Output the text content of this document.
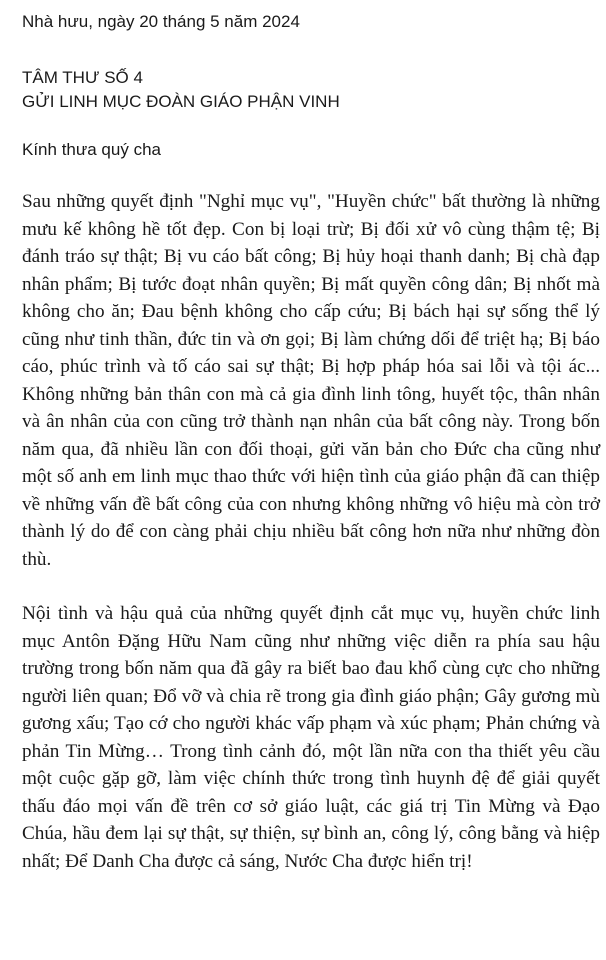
Nhà hưu, ngày 20 tháng 5 năm 2024

TÂM THƯ SỐ 4
GỬI LINH MỤC ĐOÀN GIÁO PHẬN VINH

Kính thưa quý cha

Sau những quyết định "Nghỉ mục vụ", "Huyền chức" bất thường là những mưu kế không hề tốt đẹp. Con bị loại trừ; Bị đối xử vô cùng thậm tệ; Bị đánh tráo sự thật; Bị vu cáo bất công; Bị hủy hoại thanh danh; Bị chà đạp nhân phẩm; Bị tước đoạt nhân quyền; Bị mất quyền công dân; Bị nhốt mà không cho ăn; Đau bệnh không cho cấp cứu; Bị bách hại sự sống thể lý cũng như tinh thần, đức tin và ơn gọi; Bị làm chứng dối để triệt hạ; Bị báo cáo, phúc trình và tố cáo sai sự thật; Bị hợp pháp hóa sai lỗi và tội ác... Không những bản thân con mà cả gia đình linh tông, huyết tộc, thân nhân và ân nhân của con cũng trở thành nạn nhân của bất công này. Trong bốn năm qua, đã nhiều lần con đối thoại, gửi văn bản cho Đức cha cũng như một số anh em linh mục thao thức với hiện tình của giáo phận đã can thiệp về những vấn đề bất công của con nhưng không những vô hiệu mà còn trở thành lý do để con càng phải chịu nhiều bất công hơn nữa như những đòn thù.

Nội tình và hậu quả của những quyết định cắt mục vụ, huyền chức linh mục Antôn Đặng Hữu Nam cũng như những việc diễn ra phía sau hậu trường trong bốn năm qua đã gây ra biết bao đau khổ cùng cực cho những người liên quan; Đổ vỡ và chia rẽ trong gia đình giáo phận; Gây gương mù gương xấu; Tạo cớ cho người khác vấp phạm và xúc phạm; Phản chứng và phản Tin Mừng… Trong tình cảnh đó, một lần nữa con tha thiết yêu cầu một cuộc gặp gỡ, làm việc chính thức trong tình huynh đệ để giải quyết thấu đáo mọi vấn đề trên cơ sở giáo luật, các giá trị Tin Mừng và Đạo Chúa, hầu đem lại sự thật, sự thiện, sự bình an, công lý, công bằng và hiệp nhất; Để Danh Cha được cả sáng, Nước Cha được hiển trị!
